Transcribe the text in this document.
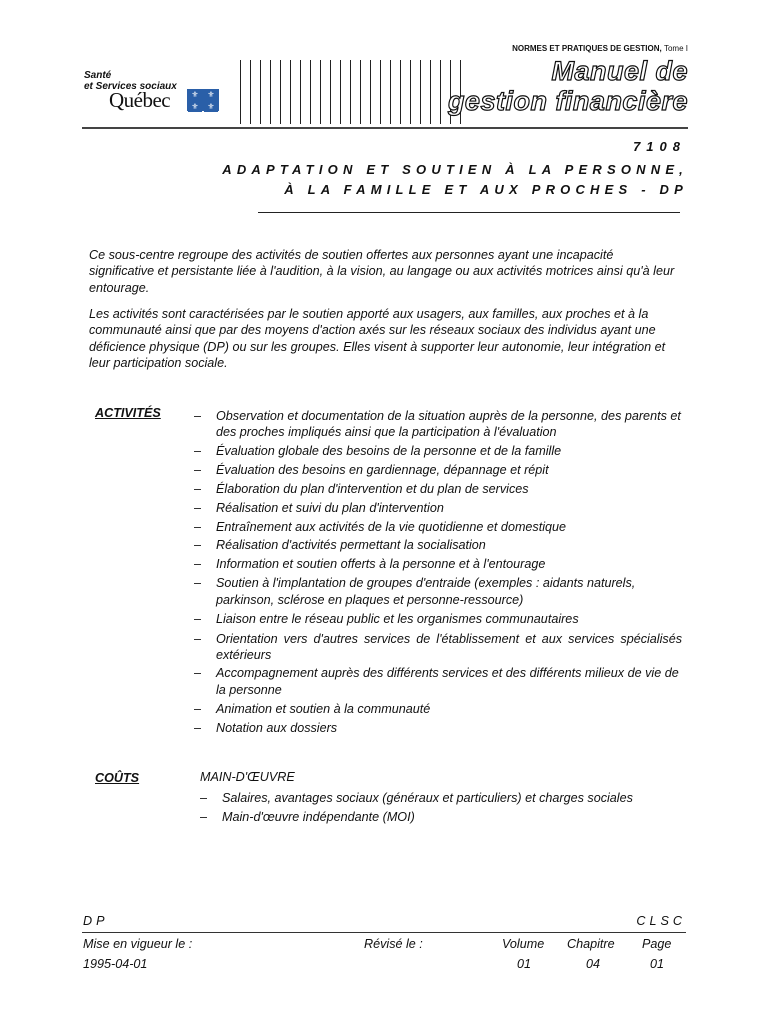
Santé
et Services sociaux
Québec	⚜	⚜
⚜	⚜
NORMES ET PRATIQUES DE GESTION, Tome I
Manuel de
gestion financière
7108
ADAPTATION ET SOUTIEN À LA PERSONNE,
À LA FAMILLE ET AUX PROCHES - DP
Ce sous-centre regroupe des activités de soutien offertes aux personnes ayant une incapacité significative et persistante liée à l'audition, à la vision, au langage ou aux activités motrices ainsi qu'à leur entourage.
Les activités sont caractérisées par le soutien apporté aux usagers, aux familles, aux proches et à la communauté ainsi que par des moyens d'action axés sur les réseaux sociaux des individus ayant une déficience physique (DP) ou sur les groupes. Elles visent à supporter leur autonomie, leur intégration et leur participation sociale.
ACTIVITÉS
–	Observation et documentation de la situation auprès de la personne, des parents et des proches impliqués ainsi que la participation à l'évaluation
– Évaluation globale des besoins de la personne et de la famille
– Évaluation des besoins en gardiennage, dépannage et répit
– Élaboration du plan d'intervention et du plan de services
– Réalisation et suivi du plan d'intervention
– Entraînement aux activités de la vie quotidienne et domestique
– Réalisation d'activités permettant la socialisation
– Information et soutien offerts à la personne et à l'entourage
– Soutien à l'implantation de groupes d'entraide (exemples : aidants naturels, parkinson, sclérose en plaques et personne-ressource)
– Liaison entre le réseau public et les organismes communautaires
– Orientation vers d'autres services de l'établissement et aux services spécialisés extérieurs
– Accompagnement auprès des différents services et des différents milieux de vie de la personne
– Animation et soutien à la communauté
– Notation aux dossiers
COÛTS	MAIN-D'ŒUVRE
– Salaires, avantages sociaux (généraux et particuliers) et charges sociales
– Main-d'œuvre indépendante (MOI)
DP	CLSC
Mise en vigueur le :
1995-04-01
Révisé le :	Volume
01
Chapitre
04
Page
01
